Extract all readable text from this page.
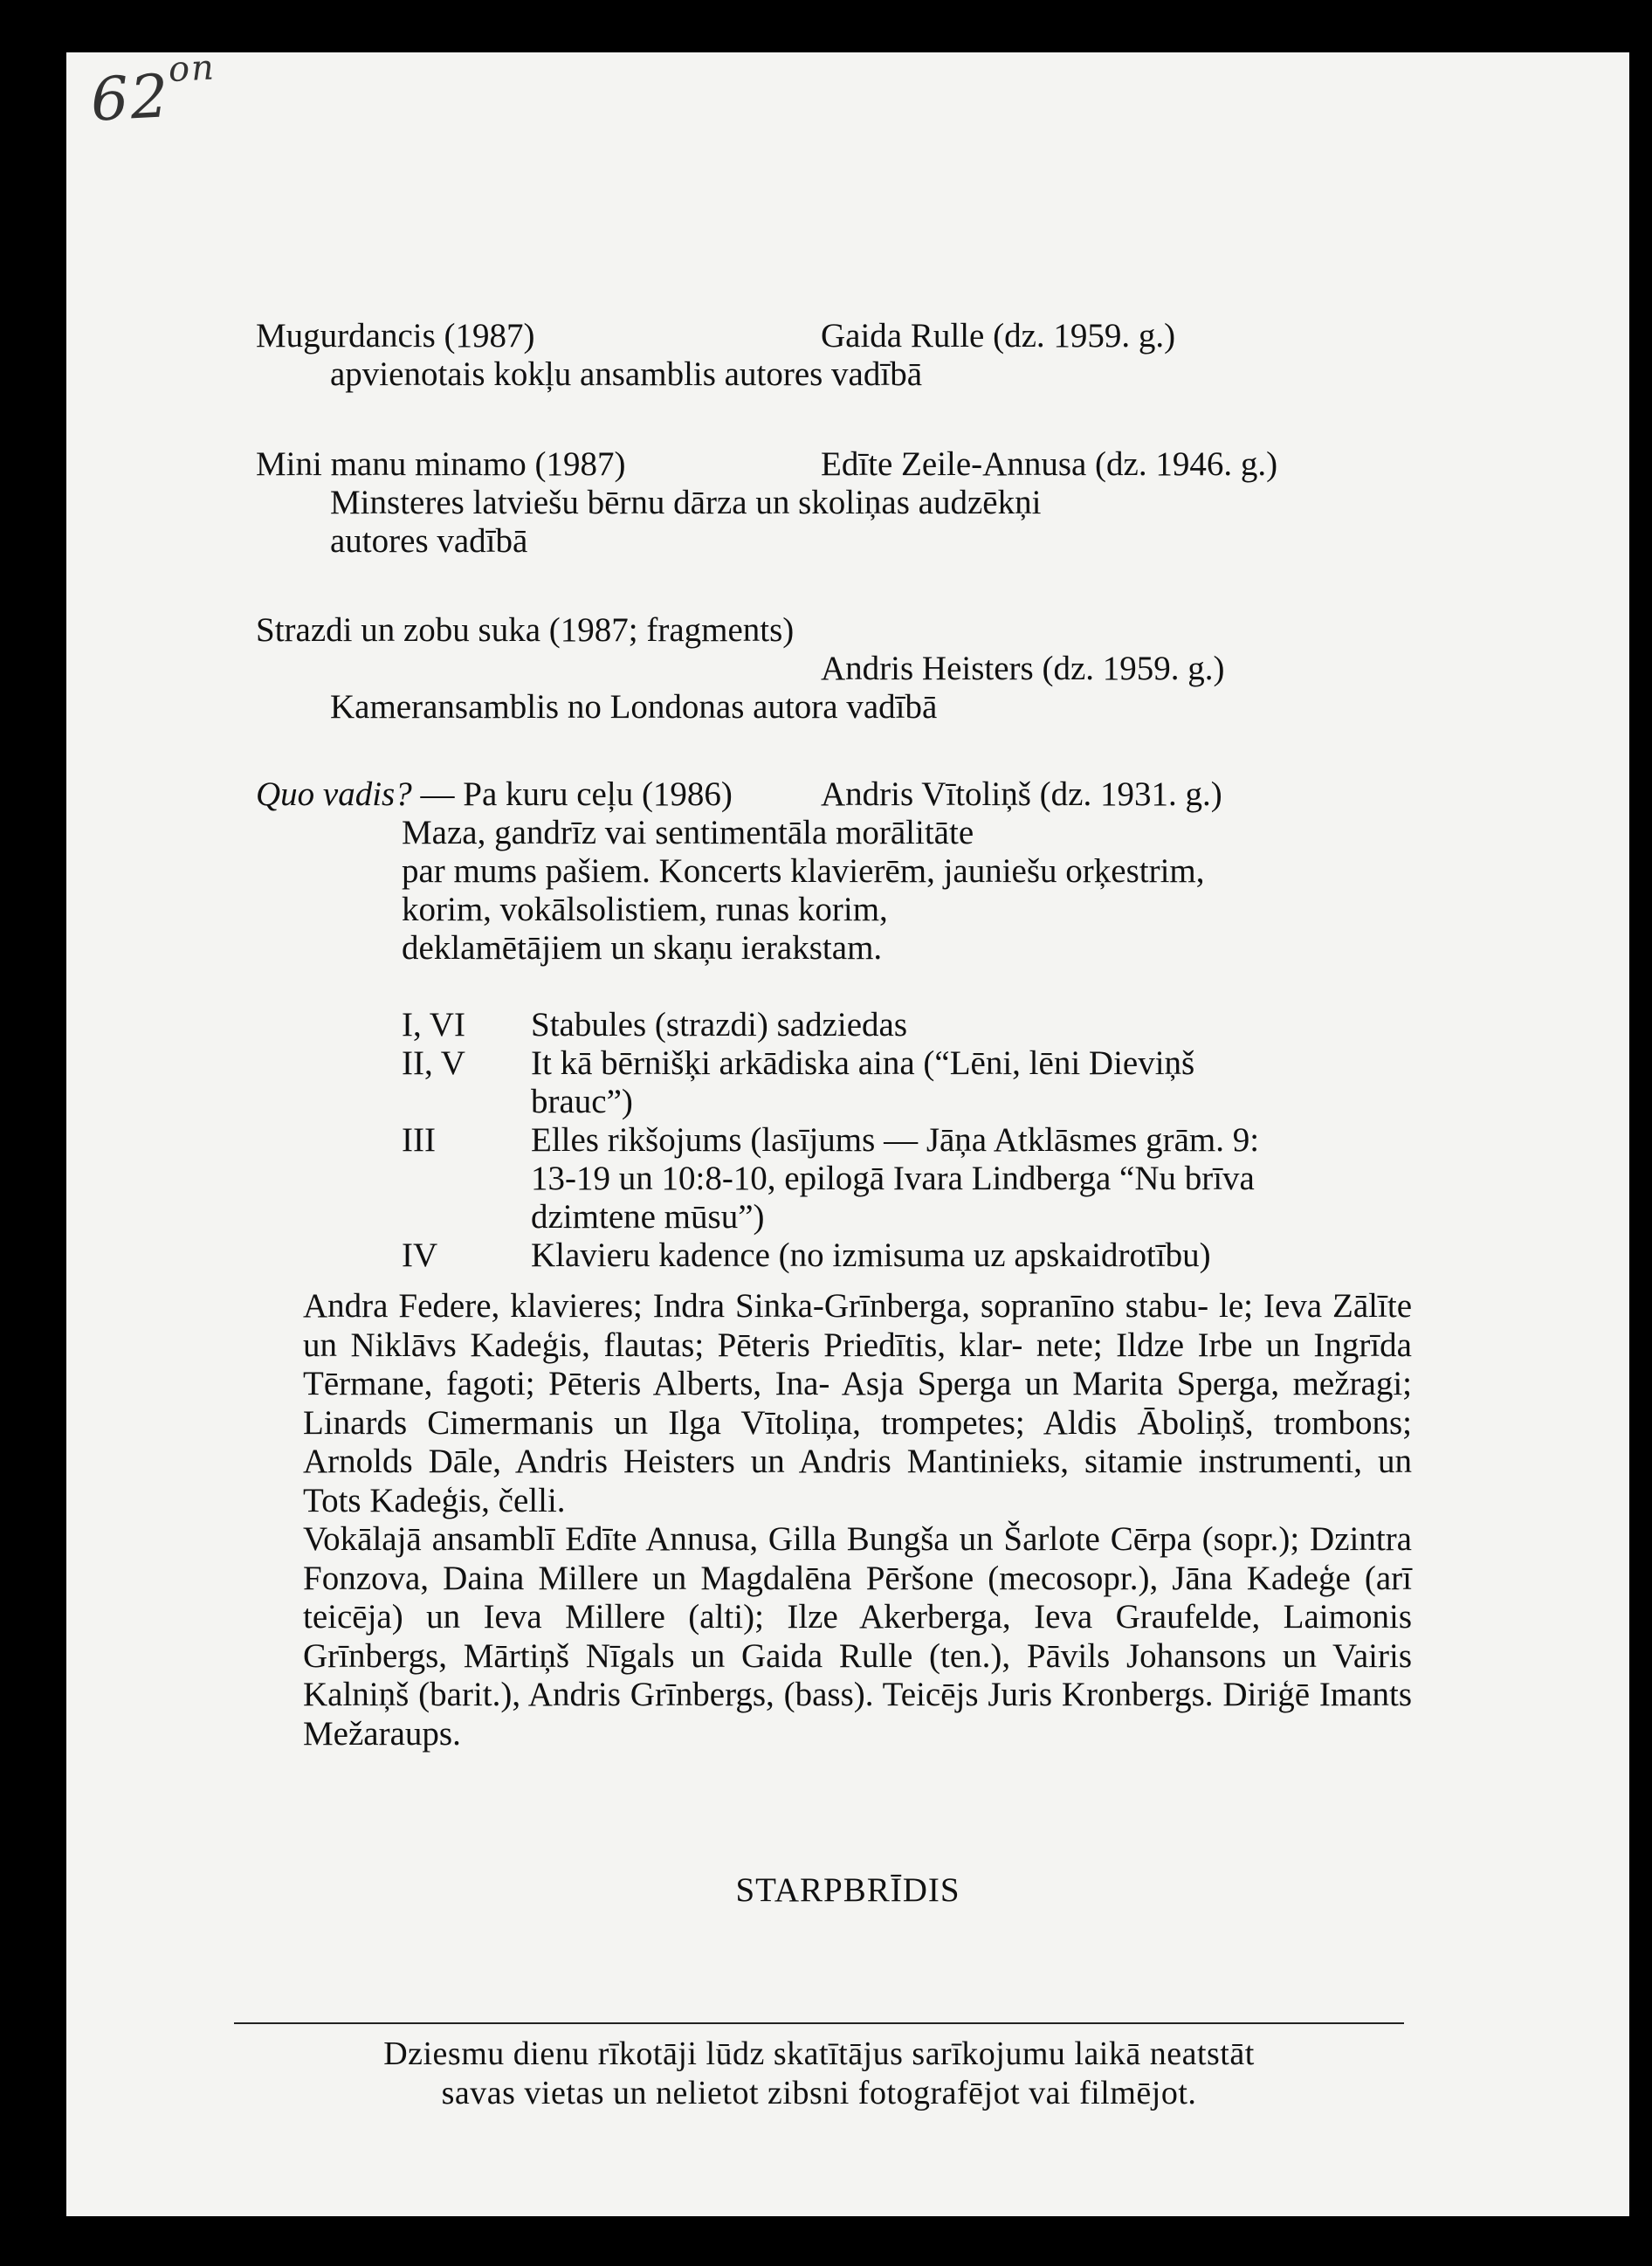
$62^{on}$
Mugurdancis (1987)	Gaida Rulle (dz. 1959. g.)
apvienotais kokļu ansamblis autores vadībā
Mini manu minamo (1987)	Edīte Zeile-Annusa (dz. 1946. g.)
Minsteres latviešu bērnu dārza un skoliņas audzēkņi
autores vadībā
Strazdi un zobu suka (1987; fragments)
Andris Heisters (dz. 1959. g.)
Kameransamblis no Londonas autora vadībā
Quo vadis? — Pa kuru ceļu (1986)	Andris Vītoliņš (dz. 1931. g.)
Maza, gandrīz vai sentimentāla morālitāte
par mums pašiem. Koncerts klavierēm, jauniešu orķestrim,
korim, vokālsolistiem, runas korim,
deklamētājiem un skaņu ierakstam.
I, VI	Stabules (strazdi) sadziedas
II, V	It kā bērnišķi arkādiska aina (“Lēni, lēni Dieviņš
brauc”)
III	Elles rikšojums (lasījums — Jāņa Atklāsmes grām. 9:
13-19 un 10:8-10, epilogā Ivara Lindberga “Nu brīva
dzimtene mūsu”)
IV	Klavieru kadence (no izmisuma uz apskaidrotību)

Andra Federe, klavieres; Indra Sinka-Grīnberga, sopranīno stabu- le; Ieva Zālīte un Niklāvs Kadeģis, flautas; Pēteris Priedītis, klar- nete; Ildze Irbe un Ingrīda Tērmane, fagoti; Pēteris Alberts, Ina- Asja Sperga un Marita Sperga, mežragi; Linards Cimermanis un Ilga Vītoliņa, trompetes; Aldis Āboliņš, trombons; Arnolds Dāle, Andris Heisters un Andris Mantinieks, sitamie instrumenti, un Tots Kadeģis, čelli.

Vokālajā ansamblī Edīte Annusa, Gilla Bungša un Šarlote Cērpa (sopr.); Dzintra Fonzova, Daina Millere un Magdalēna Pēršone (mecosopr.), Jāna Kadeģe (arī teicēja) un Ieva Millere (alti); Ilze Akerberga, Ieva Graufelde, Laimonis Grīnbergs, Mārtiņš Nīgals un Gaida Rulle (ten.), Pāvils Johansons un Vairis Kalniņš (barit.), Andris Grīnbergs, (bass). Teicējs Juris Kronbergs. Diriģē Imants Mežaraups.

STARPBRĪDIS
Dziesmu dienu rīkotāji lūdz skatītājus sarīkojumu laikā neatstāt
savas vietas un nelietot zibsni fotografējot vai filmējot.
